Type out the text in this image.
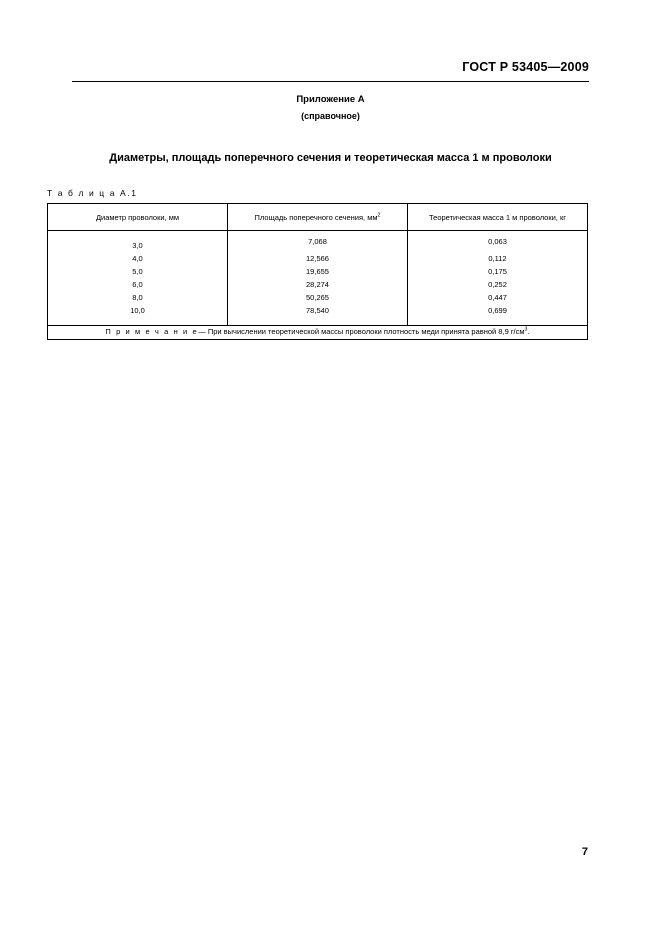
ГОСТ Р 53405—2009
Приложение А
(справочное)
Диаметры, площадь поперечного сечения и теоретическая масса 1 м проволоки
Т а б л и ц а А.1
Диаметр проволоки, мм	Площадь поперечного сечения, $мм^2$	Теоретическая масса 1 м проволоки, кг
3,0	7,068	0,063
4,0	12,566	0,112
5,0	19,655	0,175
6,0	28,274	0,252
8,0	50,265	0,447
10,0	78,540	0,699
П р и м е ч а н и е— При вычислении теоретической массы проволоки плотность меди принята равной 8,9 $г/см^3$.		
7
